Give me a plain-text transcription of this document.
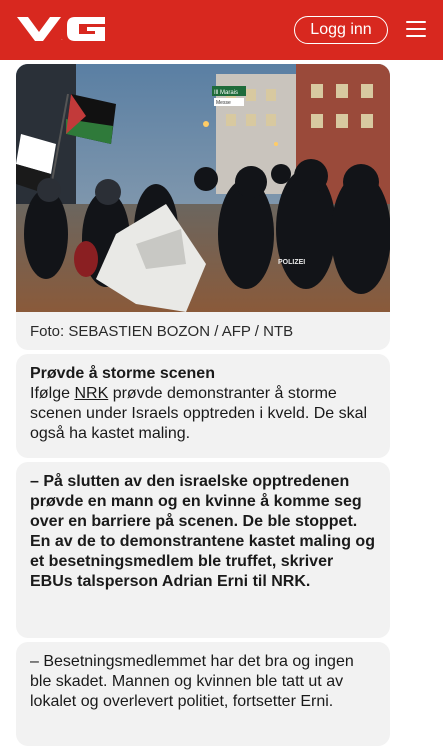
VG
Logg inn
Ill Marais
Messe
POLIZEI
Foto: SEBASTIEN BOZON / AFP / NTB
Prøvde å storme scenen
Ifølge NRK prøvde demonstranter å storme scenen under Israels opptreden i kveld. De skal også ha kastet maling.
– På slutten av den israelske opptredenen prøvde en mann og en kvinne å komme seg over en barriere på scenen. De ble stoppet. En av de to demonstrantene kastet maling og et besetningsmedlem ble truffet, skriver EBUs talsperson Adrian Erni til NRK.
– Besetningsmedlemmet har det bra og ingen ble skadet. Mannen og kvinnen ble tatt ut av lokalet og overlevert politiet, fortsetter Erni.
